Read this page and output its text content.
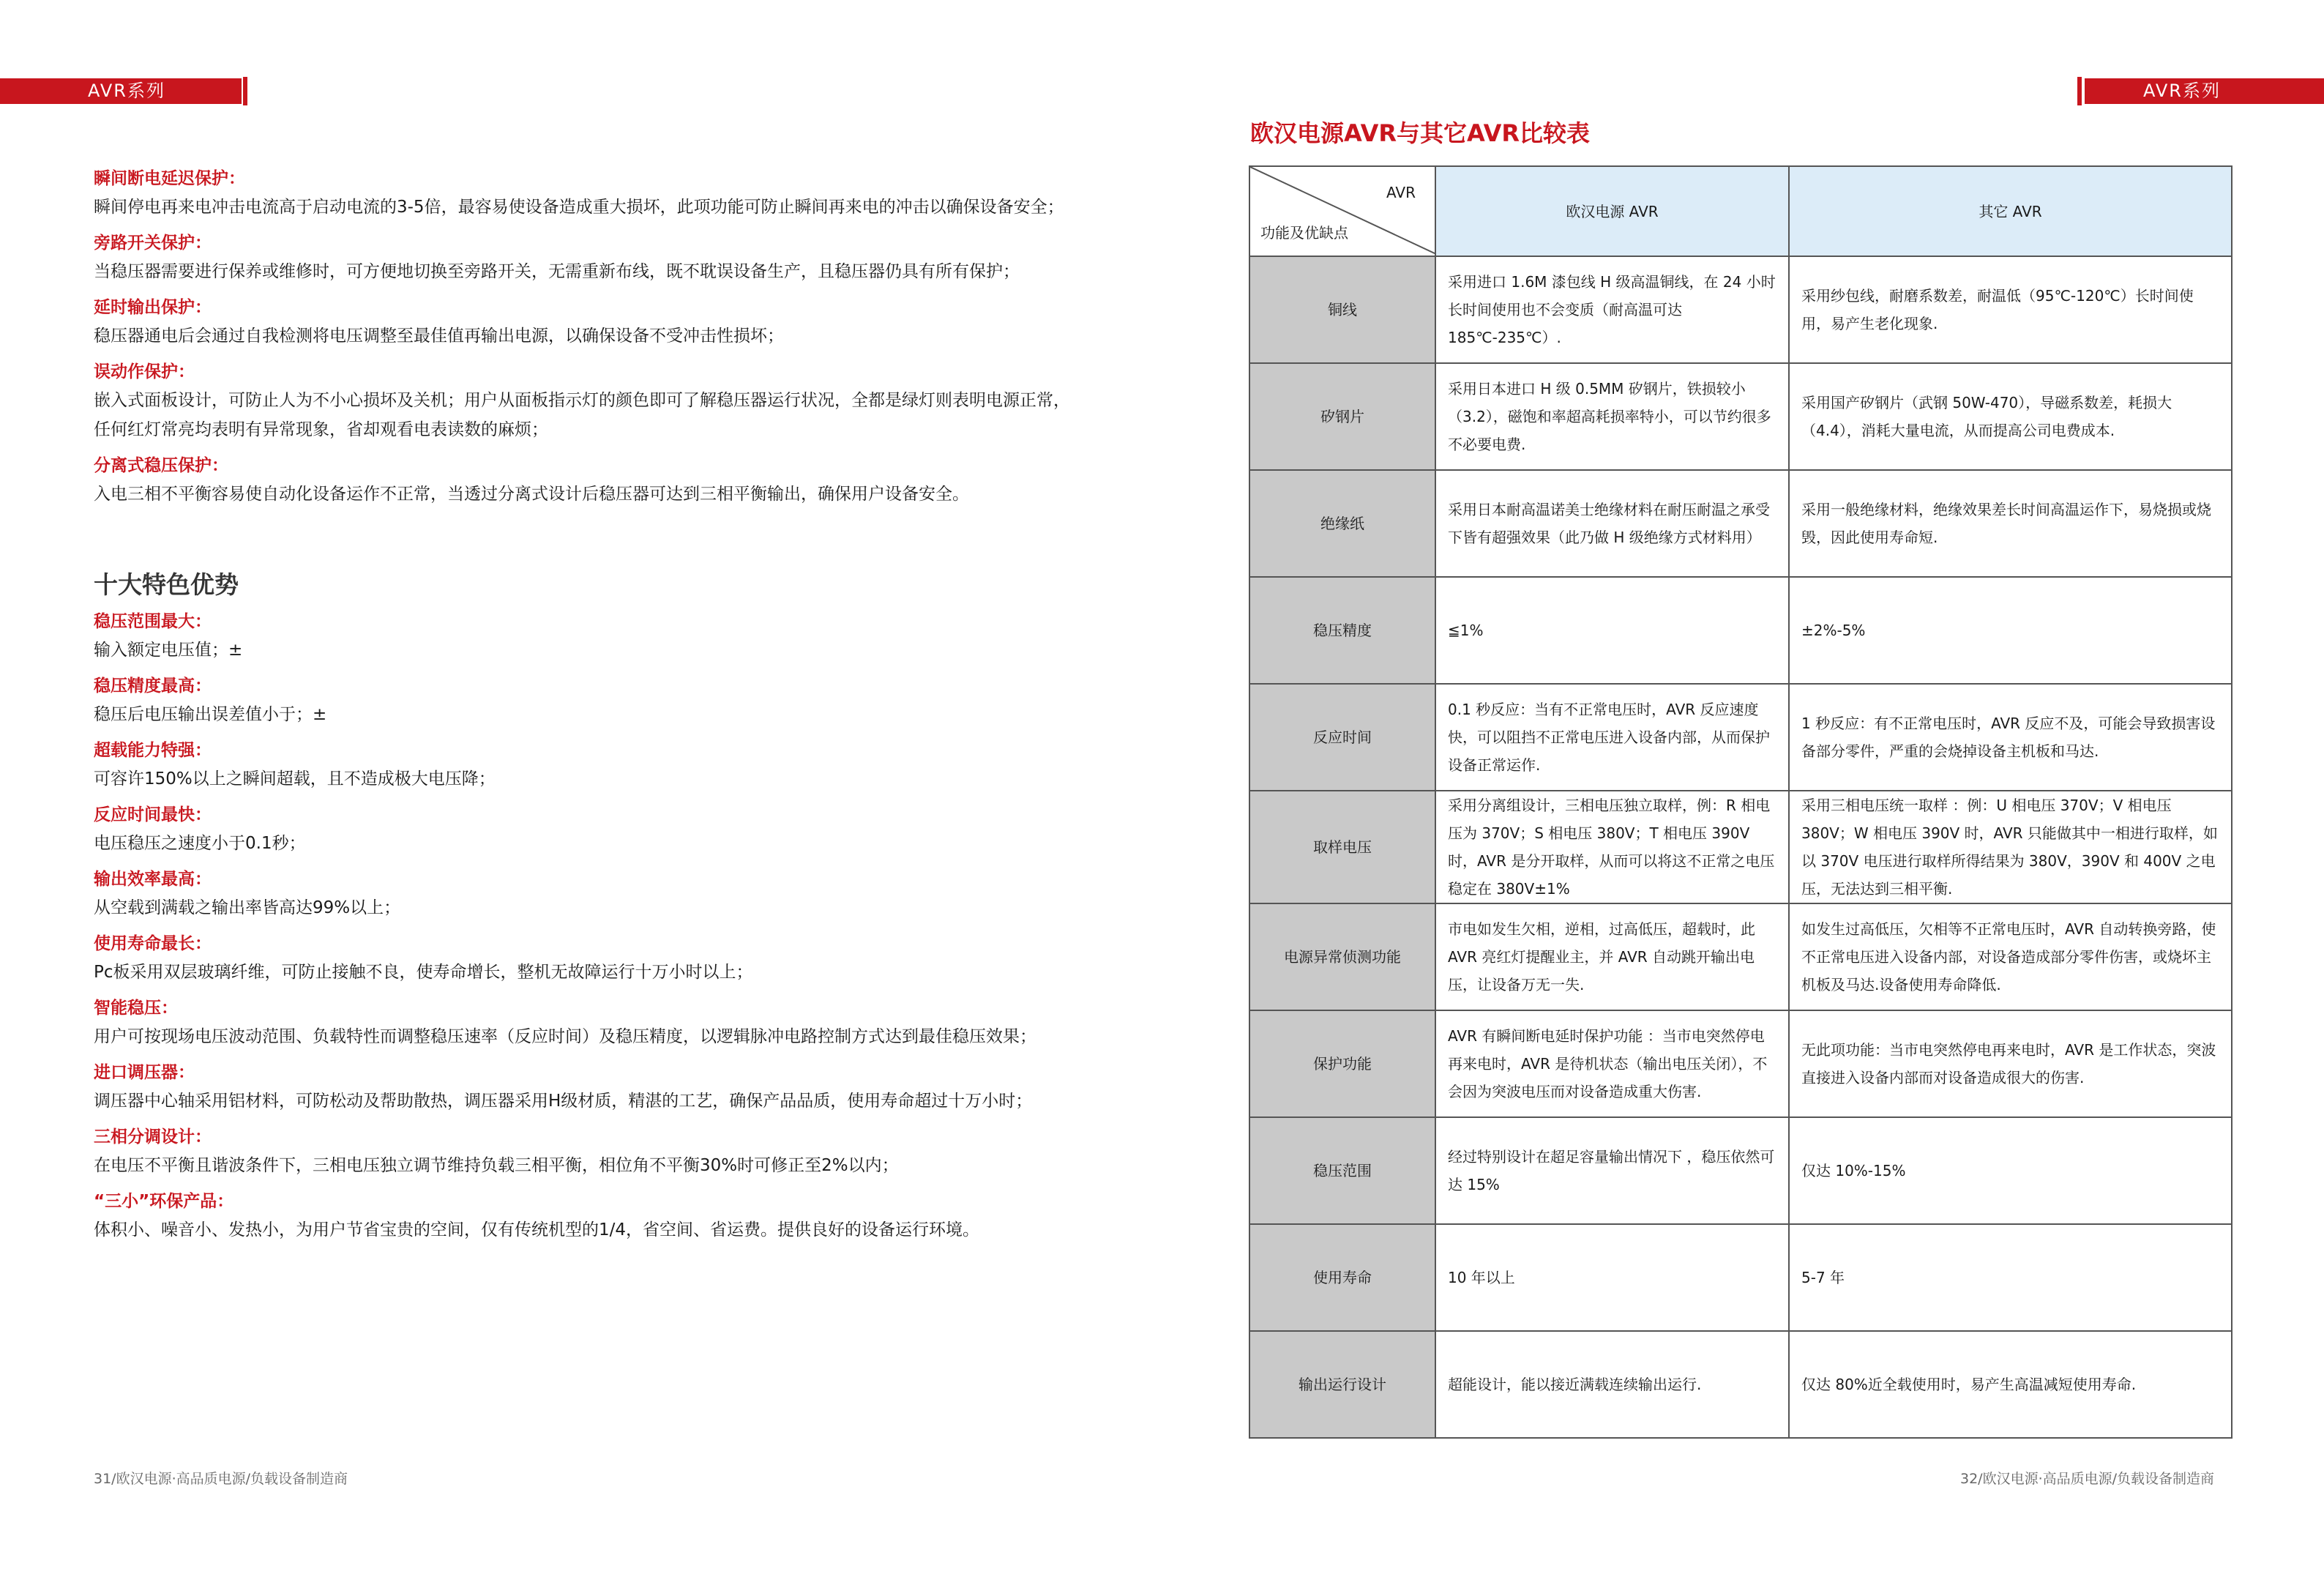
AVR系列	AVR系列
瞬间断电延迟保护：
瞬间停电再来电冲击电流高于启动电流的3-5倍，最容易使设备造成重大损坏，此项功能可防止瞬间再来电的冲击以确保设备安全；
旁路开关保护：
当稳压器需要进行保养或维修时，可方便地切换至旁路开关，无需重新布线，既不耽误设备生产，且稳压器仍具有所有保护；
延时输出保护：
稳压器通电后会通过自我检测将电压调整至最佳值再输出电源，以确保设备不受冲击性损坏；
误动作保护：
嵌入式面板设计，可防止人为不小心损坏及关机；用户从面板指示灯的颜色即可了解稳压器运行状况，全都是绿灯则表明电源正常，任何红灯常亮均表明有异常现象，省却观看电表读数的麻烦；
分离式稳压保护：
入电三相不平衡容易使自动化设备运作不正常，当透过分离式设计后稳压器可达到三相平衡输出，确保用户设备安全。
十大特色优势
稳压范围最大：
输入额定电压值；±
稳压精度最高：
稳压后电压输出误差值小于；±
超载能力特强：
可容许150%以上之瞬间超载，且不造成极大电压降；
反应时间最快：
电压稳压之速度小于0.1秒；
输出效率最高：
从空载到满载之输出率皆高达99%以上；
使用寿命最长：
Pc板采用双层玻璃纤维，可防止接触不良，使寿命增长，整机无故障运行十万小时以上；
智能稳压：
用户可按现场电压波动范围、负载特性而调整稳压速率（反应时间）及稳压精度，以逻辑脉冲电路控制方式达到最佳稳压效果；
进口调压器：
调压器中心轴采用铝材料，可防松动及帮助散热，调压器采用H级材质，精湛的工艺，确保产品品质，使用寿命超过十万小时；
三相分调设计：
在电压不平衡且谐波条件下，三相电压独立调节维持负载三相平衡，相位角不平衡30%时可修正至2%以内；
“三小”环保产品：
体积小、噪音小、发热小，为用户节省宝贵的空间，仅有传统机型的1/4，省空间、省运费。提供良好的设备运行环境。
31/欧汉电源·高品质电源/负载设备制造商
欧汉电源AVR与其它AVR比较表
AVR
功能及优缺点	欧汉电源 AVR	其它 AVR
铜线	采用进口 1.6M 漆包线 H 级高温铜线，在 24 小时长时间使用也不会变质（耐高温可达 185℃-235℃）.	采用纱包线，耐磨系数差，耐温低（95℃-120℃）长时间使用，易产生老化现象.
矽钢片	采用日本进口 H 级 0.5MM 矽钢片，铁损较小（3.2），磁饱和率超高耗损率特小，可以节约很多不必要电费.	采用国产矽钢片（武钢 50W-470），导磁系数差，耗损大（4.4），消耗大量电流，从而提高公司电费成本.
绝缘纸	采用日本耐高温诺美士绝缘材料在耐压耐温之承受下皆有超强效果（此乃做 H 级绝缘方式材料用）	采用一般绝缘材料，绝缘效果差长时间高温运作下，易烧损或烧毁，因此使用寿命短.
稳压精度	≦1%	±2%-5%
反应时间	0.1 秒反应：当有不正常电压时，AVR 反应速度快，可以阻挡不正常电压进入设备内部，从而保护设备正常运作.	1 秒反应：有不正常电压时，AVR 反应不及，可能会导致损害设备部分零件，严重的会烧掉设备主机板和马达.
取样电压	采用分离组设计，三相电压独立取样，例：R 相电压为 370V；S 相电压 380V；T 相电压 390V 时，AVR 是分开取样，从而可以将这不正常之电压稳定在 380V±1%	采用三相电压统一取样 ：例：U 相电压 370V；V 相电压 380V；W 相电压 390V 时，AVR 只能做其中一相进行取样，如以 370V 电压进行取样所得结果为 380V，390V 和 400V 之电压，无法达到三相平衡.
电源异常侦测功能	市电如发生欠相，逆相，过高低压，超载时，此 AVR 亮红灯提醒业主，并 AVR 自动跳开输出电压，让设备万无一失.	如发生过高低压，欠相等不正常电压时，AVR 自动转换旁路，使不正常电压进入设备内部，对设备造成部分零件伤害，或烧坏主机板及马达.设备使用寿命降低.
保护功能	AVR 有瞬间断电延时保护功能 ：当市电突然停电再来电时，AVR 是待机状态（输出电压关闭），不会因为突波电压而对设备造成重大伤害.	无此项功能：当市电突然停电再来电时，AVR 是工作状态，突波直接进入设备内部而对设备造成很大的伤害.
稳压范围	经过特别设计在超足容量输出情况下 ，稳压依然可达 15%	仅达 10%-15%
使用寿命	10 年以上	5-7 年
输出运行设计	超能设计，能以接近满载连续输出运行.	仅达 80%近全载使用时，易产生高温减短使用寿命.
32/欧汉电源·高品质电源/负载设备制造商
